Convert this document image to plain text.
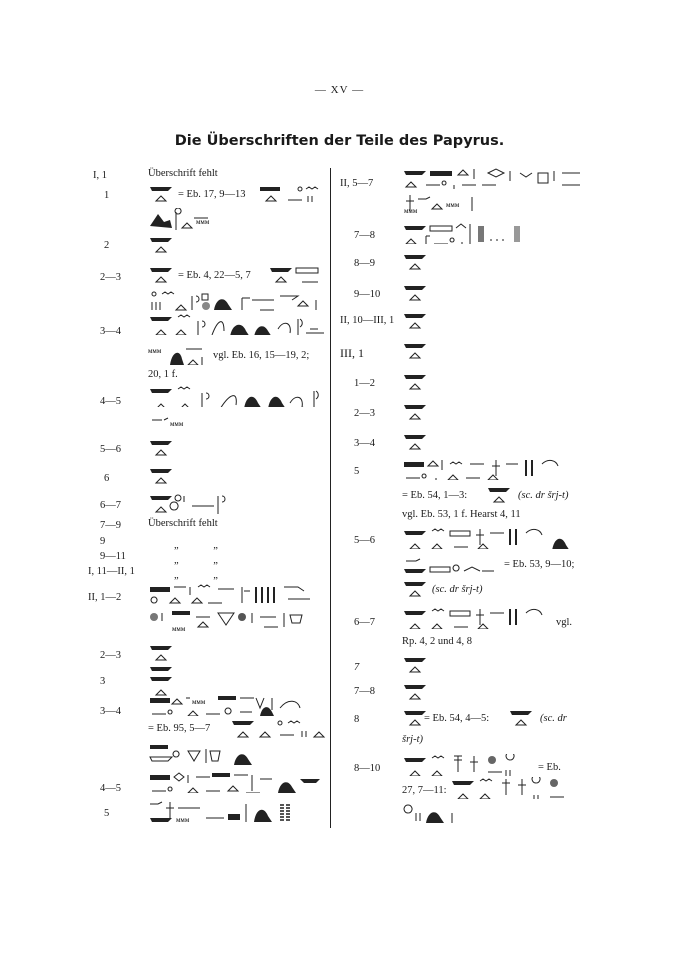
— XV —
Die Überschriften der Teile des Papyrus.
I, 1	Überschrift fehlt
1	= Eb. 17, 9—13
ᴍᴍᴍ
2
2—3	= Eb. 4, 22—5, 7
3—4
ᴍᴍᴍ	vgl. Eb. 16, 15—19, 2;
20, 1 f.
4—5
ᴍᴍᴍ
5—6
6
6—7
7—9	Überschrift fehlt
9	„ „
9—11	„ „
I, 11—II, 1	„ „
II, 1—2
ᴍᴍᴍ
2—3
3
3—4
ᴍᴍᴍ
= Eb. 95, 5—7
4—5
5
ᴍᴍᴍ
II, 5—7
ᴍᴍᴍ
ᴍᴍᴍ
7—8
8—9
9—10
II, 10—III, 1
III, 1
1—2
2—3
3—4
5
= Eb. 54, 1—3:	(sc. dr šrj-t)
vgl. Eb. 53, 1 f. Hearst 4, 11
5—6
= Eb. 53, 9—10;
(sc. dr šrj-t)
6—7	vgl.
Rp. 4, 2 und 4, 8
7
7—8
8	= Eb. 54, 4—5:	(sc. dr
šrj-t)
8—10	= Eb.
27, 7—11:
